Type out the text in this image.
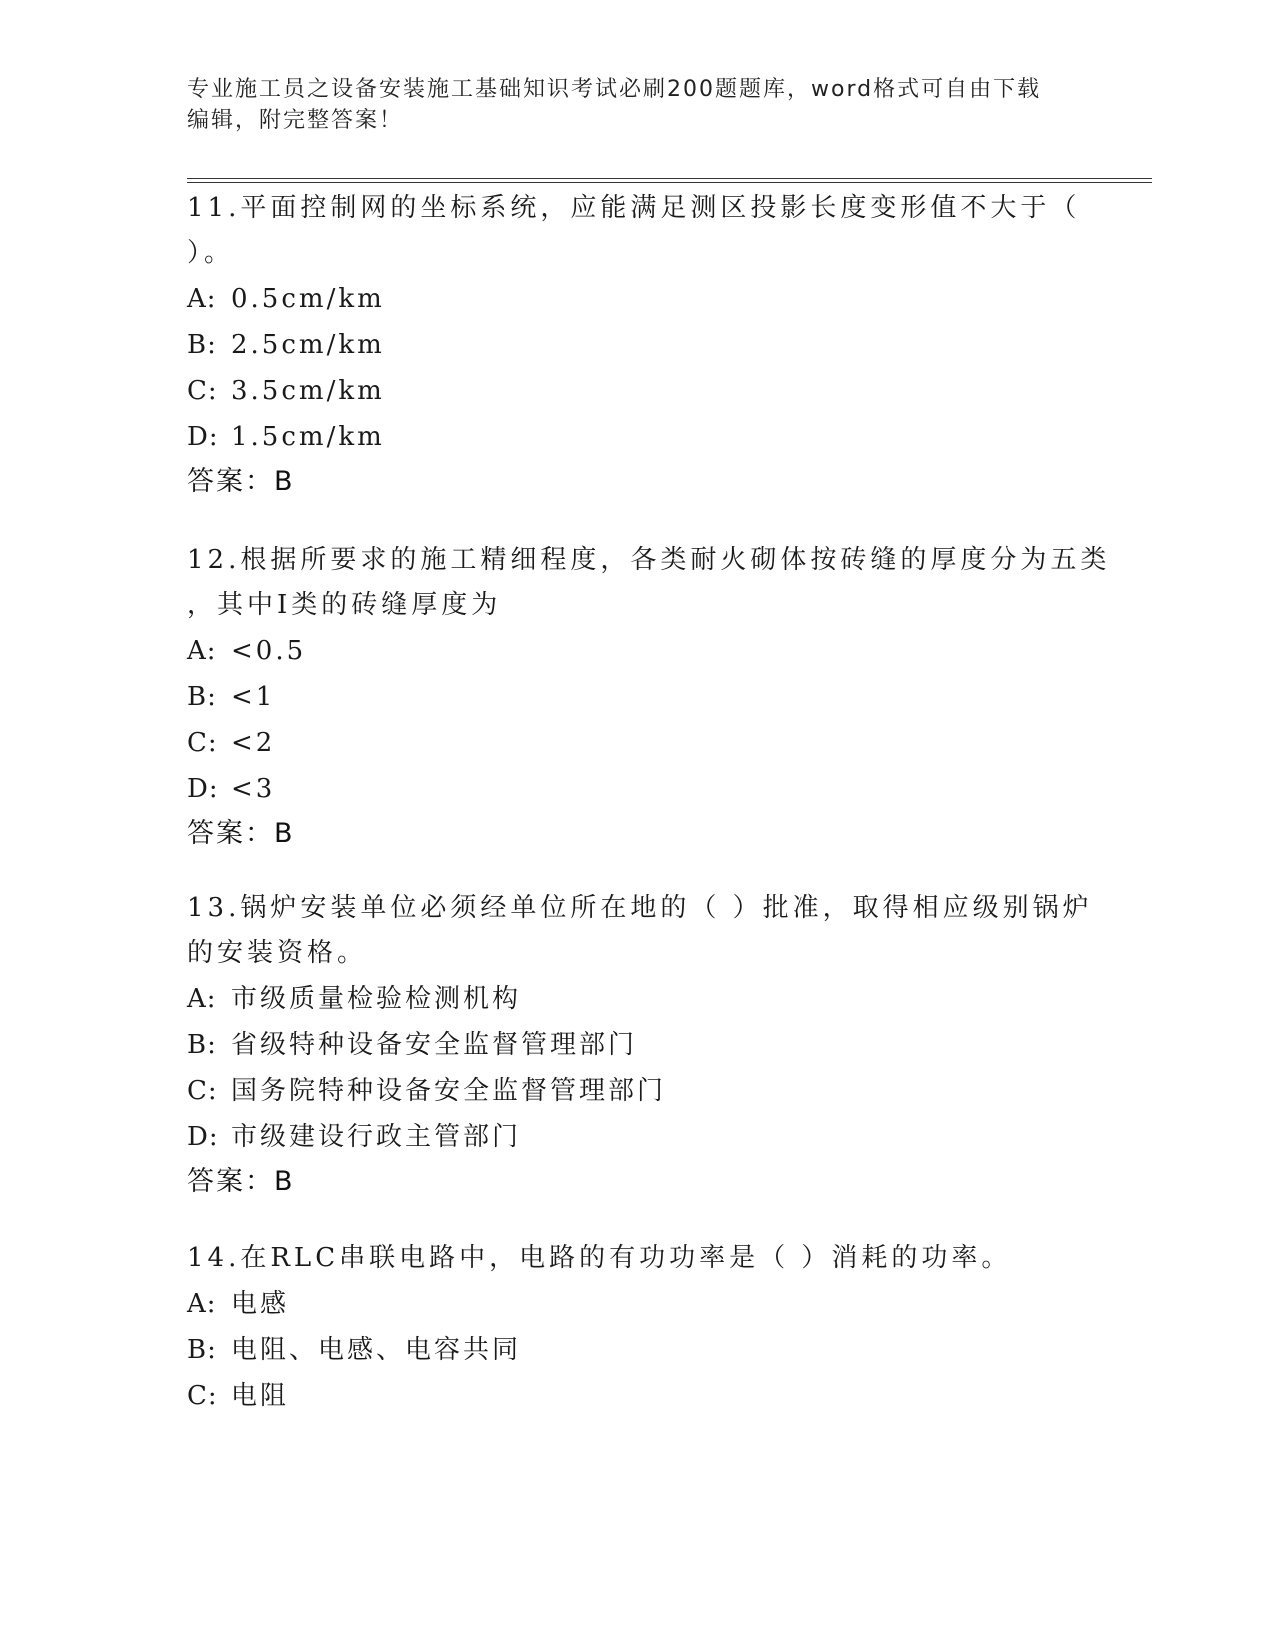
专业施工员之设备安装施工基础知识考试必刷200题题库，word格式可自由下载
编辑，附完整答案！
11.平面控制网的坐标系统，应能满足测区投影长度变形值不大于（
）。
A: 0.5cm/km
B: 2.5cm/km
C: 3.5cm/km
D: 1.5cm/km
答案：B
12.根据所要求的施工精细程度，各类耐火砌体按砖缝的厚度分为五类
，其中Ⅰ类的砖缝厚度为
A: <0.5
B: <1
C: <2
D: <3
答案：B
13.锅炉安装单位必须经单位所在地的（ ）批准，取得相应级别锅炉
的安装资格。
A: 市级质量检验检测机构
B: 省级特种设备安全监督管理部门
C: 国务院特种设备安全监督管理部门
D: 市级建设行政主管部门
答案：B
14.在RLC串联电路中，电路的有功功率是（ ）消耗的功率。
A: 电感
B: 电阻、电感、电容共同
C: 电阻
